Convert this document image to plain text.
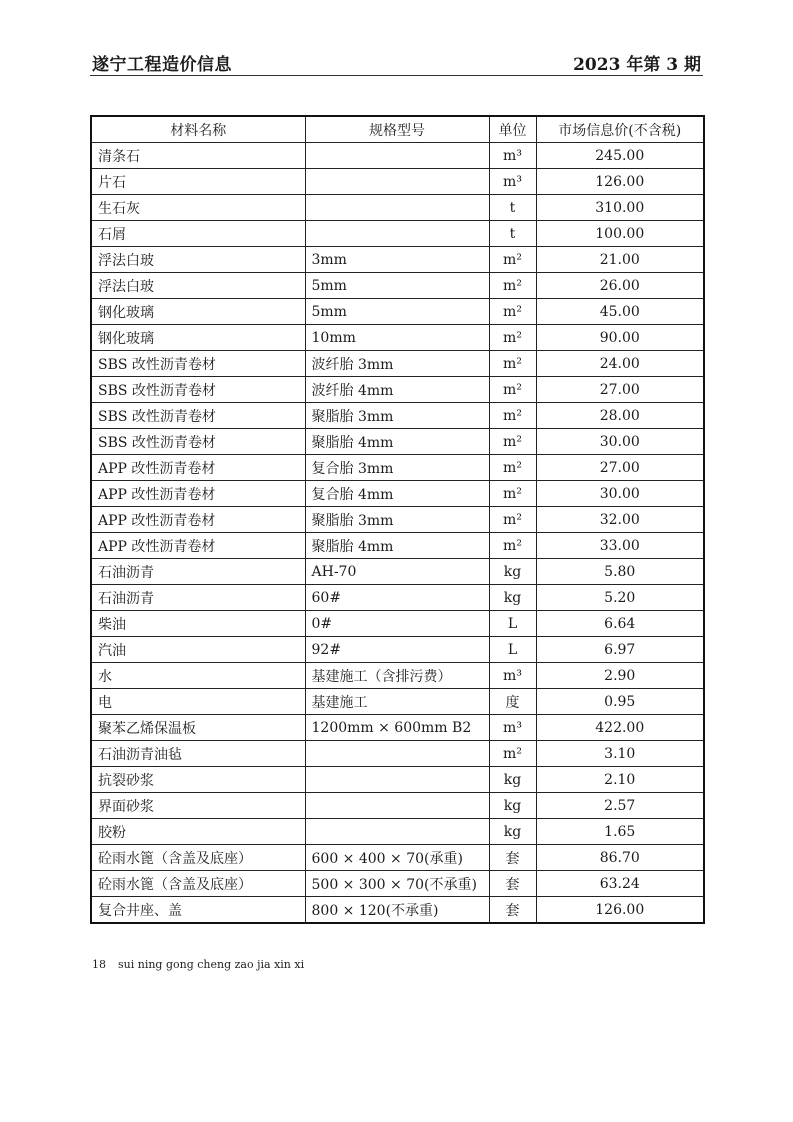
遂宁工程造价信息	2023 年第 3 期
材料名称	规格型号	单位	市场信息价(不含税)
清条石		m³	245.00
片石		m³	126.00
生石灰		t	310.00
石屑		t	100.00
浮法白玻	3mm	m²	21.00
浮法白玻	5mm	m²	26.00
钢化玻璃	5mm	m²	45.00
钢化玻璃	10mm	m²	90.00
SBS 改性沥青卷材	波纤胎 3mm	m²	24.00
SBS 改性沥青卷材	波纤胎 4mm	m²	27.00
SBS 改性沥青卷材	聚脂胎 3mm	m²	28.00
SBS 改性沥青卷材	聚脂胎 4mm	m²	30.00
APP 改性沥青卷材	复合胎 3mm	m²	27.00
APP 改性沥青卷材	复合胎 4mm	m²	30.00
APP 改性沥青卷材	聚脂胎 3mm	m²	32.00
APP 改性沥青卷材	聚脂胎 4mm	m²	33.00
石油沥青	AH-70	kg	5.80
石油沥青	60#	kg	5.20
柴油	0#	L	6.64
汽油	92#	L	6.97
水	基建施工（含排污费）	m³	2.90
电	基建施工	度	0.95
聚苯乙烯保温板	1200mm × 600mm B2	m³	422.00
石油沥青油毡		m²	3.10
抗裂砂浆		kg	2.10
界面砂浆		kg	2.57
胶粉		kg	1.65
砼雨水篦（含盖及底座）	600 × 400 × 70(承重)	套	86.70
砼雨水篦（含盖及底座）	500 × 300 × 70(不承重)	套	63.24
复合井座、盖	800 × 120(不承重)	套	126.00
18 sui ning gong cheng zao jia xin xi
